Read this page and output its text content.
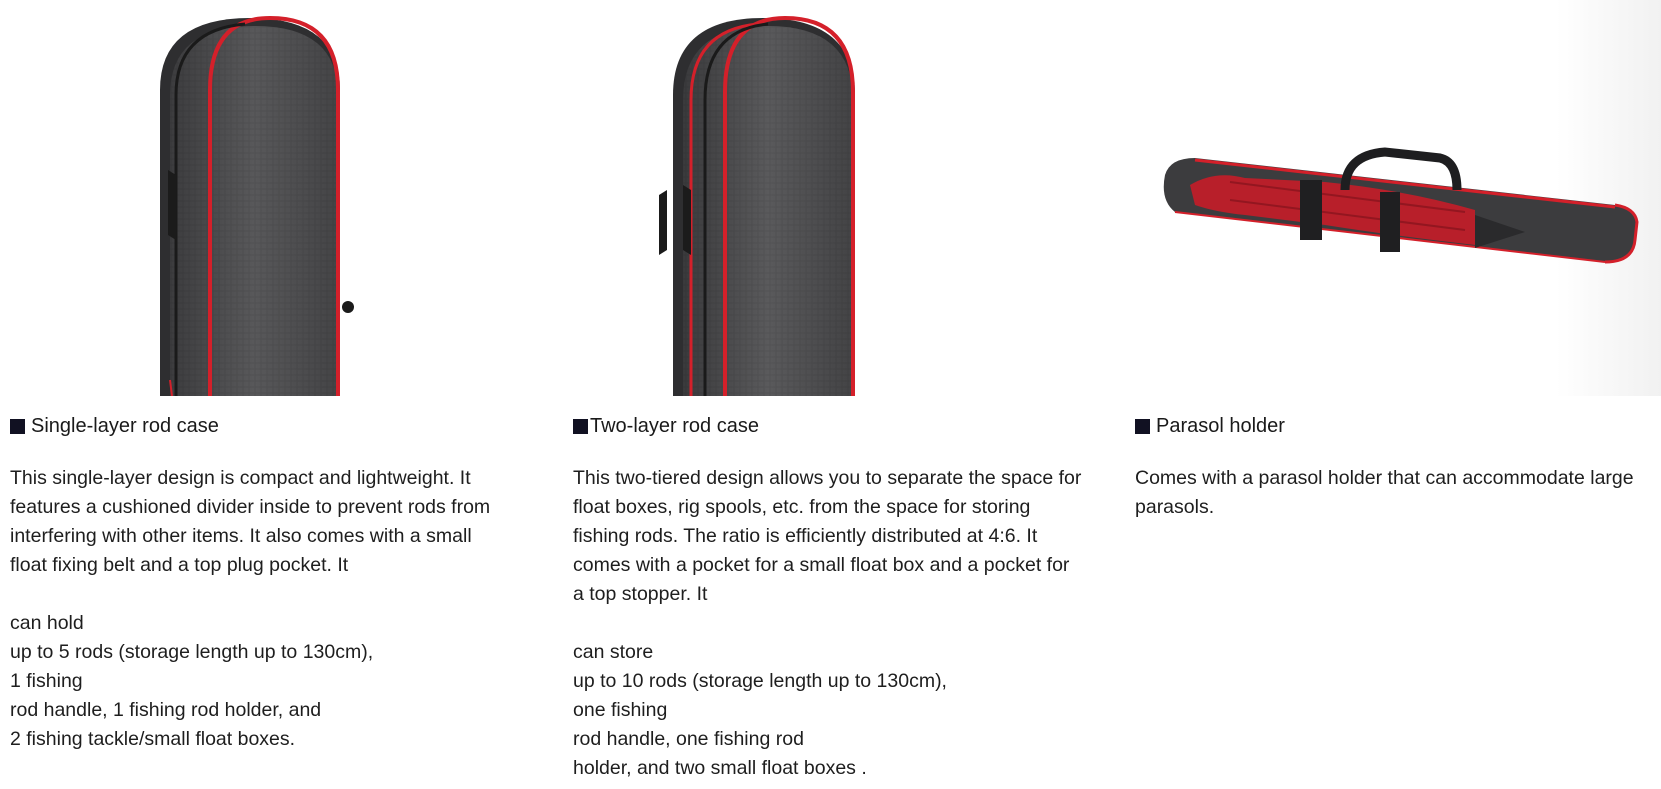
Single-layer rod case
This single-layer design is compact and lightweight. It features a cushioned divider inside to prevent rods from interfering with other items. It also comes with a small float fixing belt and a top plug pocket. It
can hold
up to 5 rods (storage length up to 130cm),
1 fishing
rod handle, 1 fishing rod holder, and
2 fishing tackle/small float boxes.
Two-layer rod case
This two-tiered design allows you to separate the space for float boxes, rig spools, etc. from the space for storing fishing rods. The ratio is efficiently distributed at 4:6. It comes with a pocket for a small float box and a pocket for a top stopper. It
can store
up to 10 rods (storage length up to 130cm),
one fishing
rod handle, one fishing rod
holder, and two small float boxes .
Parasol holder
Comes with a parasol holder that can accommodate large parasols.
